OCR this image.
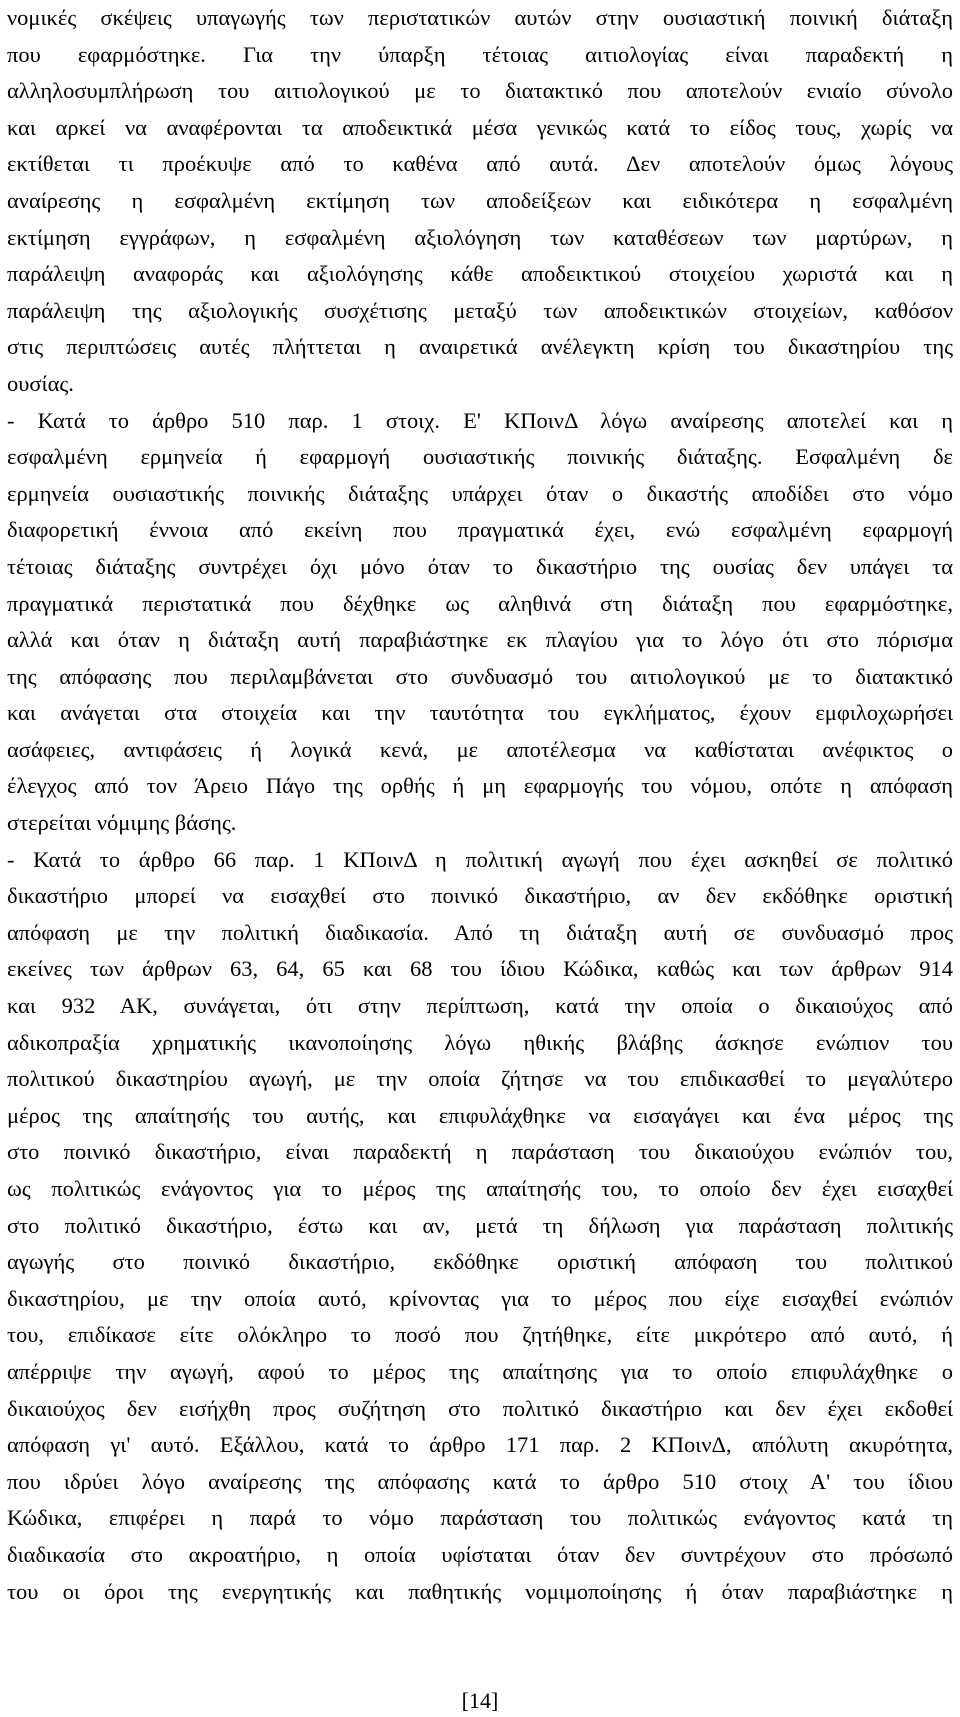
νομικές σκέψεις υπαγωγής των περιστατικών αυτών στην ουσιαστική ποινική διάταξη
που εφαρμόστηκε. Για την ύπαρξη τέτοιας αιτιολογίας είναι παραδεκτή η
αλληλοσυμπλήρωση του αιτιολογικού με το διατακτικό που αποτελούν ενιαίο σύνολο
και αρκεί να αναφέρονται τα αποδεικτικά μέσα γενικώς κατά το είδος τους, χωρίς να
εκτίθεται τι προέκυψε από το καθένα από αυτά. Δεν αποτελούν όμως λόγους
αναίρεσης η εσφαλμένη εκτίμηση των αποδείξεων και ειδικότερα η εσφαλμένη
εκτίμηση εγγράφων, η εσφαλμένη αξιολόγηση των καταθέσεων των μαρτύρων, η
παράλειψη αναφοράς και αξιολόγησης κάθε αποδεικτικού στοιχείου χωριστά και η
παράλειψη της αξιολογικής συσχέτισης μεταξύ των αποδεικτικών στοιχείων, καθόσον
στις περιπτώσεις αυτές πλήττεται η αναιρετικά ανέλεγκτη κρίση του δικαστηρίου της
ουσίας.
- Κατά το άρθρο 510 παρ. 1 στοιχ. Ε' ΚΠοινΔ λόγω αναίρεσης αποτελεί και η
εσφαλμένη ερμηνεία ή εφαρμογή ουσιαστικής ποινικής διάταξης. Εσφαλμένη δε
ερμηνεία ουσιαστικής ποινικής διάταξης υπάρχει όταν ο δικαστής αποδίδει στο νόμο
διαφορετική έννοια από εκείνη που πραγματικά έχει, ενώ εσφαλμένη εφαρμογή
τέτοιας διάταξης συντρέχει όχι μόνο όταν το δικαστήριο της ουσίας δεν υπάγει τα
πραγματικά περιστατικά που δέχθηκε ως αληθινά στη διάταξη που εφαρμόστηκε,
αλλά και όταν η διάταξη αυτή παραβιάστηκε εκ πλαγίου για το λόγο ότι στο πόρισμα
της απόφασης που περιλαμβάνεται στο συνδυασμό του αιτιολογικού με το διατακτικό
και ανάγεται στα στοιχεία και την ταυτότητα του εγκλήματος, έχουν εμφιλοχωρήσει
ασάφειες, αντιφάσεις ή λογικά κενά, με αποτέλεσμα να καθίσταται ανέφικτος ο
έλεγχος από τον Άρειο Πάγο της ορθής ή μη εφαρμογής του νόμου, οπότε η απόφαση
στερείται νόμιμης βάσης.
- Κατά το άρθρο 66 παρ. 1 ΚΠοινΔ η πολιτική αγωγή που έχει ασκηθεί σε πολιτικό
δικαστήριο μπορεί να εισαχθεί στο ποινικό δικαστήριο, αν δεν εκδόθηκε οριστική
απόφαση με την πολιτική διαδικασία. Από τη διάταξη αυτή σε συνδυασμό προς
εκείνες των άρθρων 63, 64, 65 και 68 του ίδιου Κώδικα, καθώς και των άρθρων 914
και 932 ΑΚ, συνάγεται, ότι στην περίπτωση, κατά την οποία ο δικαιούχος από
αδικοπραξία χρηματικής ικανοποίησης λόγω ηθικής βλάβης άσκησε ενώπιον του
πολιτικού δικαστηρίου αγωγή, με την οποία ζήτησε να του επιδικασθεί το μεγαλύτερο
μέρος της απαίτησής του αυτής, και επιφυλάχθηκε να εισαγάγει και ένα μέρος της
στο ποινικό δικαστήριο, είναι παραδεκτή η παράσταση του δικαιούχου ενώπιόν του,
ως πολιτικώς ενάγοντος για το μέρος της απαίτησής του, το οποίο δεν έχει εισαχθεί
στο πολιτικό δικαστήριο, έστω και αν, μετά τη δήλωση για παράσταση πολιτικής
αγωγής στο ποινικό δικαστήριο, εκδόθηκε οριστική απόφαση του πολιτικού
δικαστηρίου, με την οποία αυτό, κρίνοντας για το μέρος που είχε εισαχθεί ενώπιόν
του, επιδίκασε είτε ολόκληρο το ποσό που ζητήθηκε, είτε μικρότερο από αυτό, ή
απέρριψε την αγωγή, αφού το μέρος της απαίτησης για το οποίο επιφυλάχθηκε ο
δικαιούχος δεν εισήχθη προς συζήτηση στο πολιτικό δικαστήριο και δεν έχει εκδοθεί
απόφαση γι' αυτό. Εξάλλου, κατά το άρθρο 171 παρ. 2 ΚΠοινΔ, απόλυτη ακυρότητα,
που ιδρύει λόγο αναίρεσης της απόφασης κατά το άρθρο 510 στοιχ Α' του ίδιου
Κώδικα, επιφέρει η παρά το νόμο παράσταση του πολιτικώς ενάγοντος κατά τη
διαδικασία στο ακροατήριο, η οποία υφίσταται όταν δεν συντρέχουν στο πρόσωπό
του οι όροι της ενεργητικής και παθητικής νομιμοποίησης ή όταν παραβιάστηκε η
[14]
